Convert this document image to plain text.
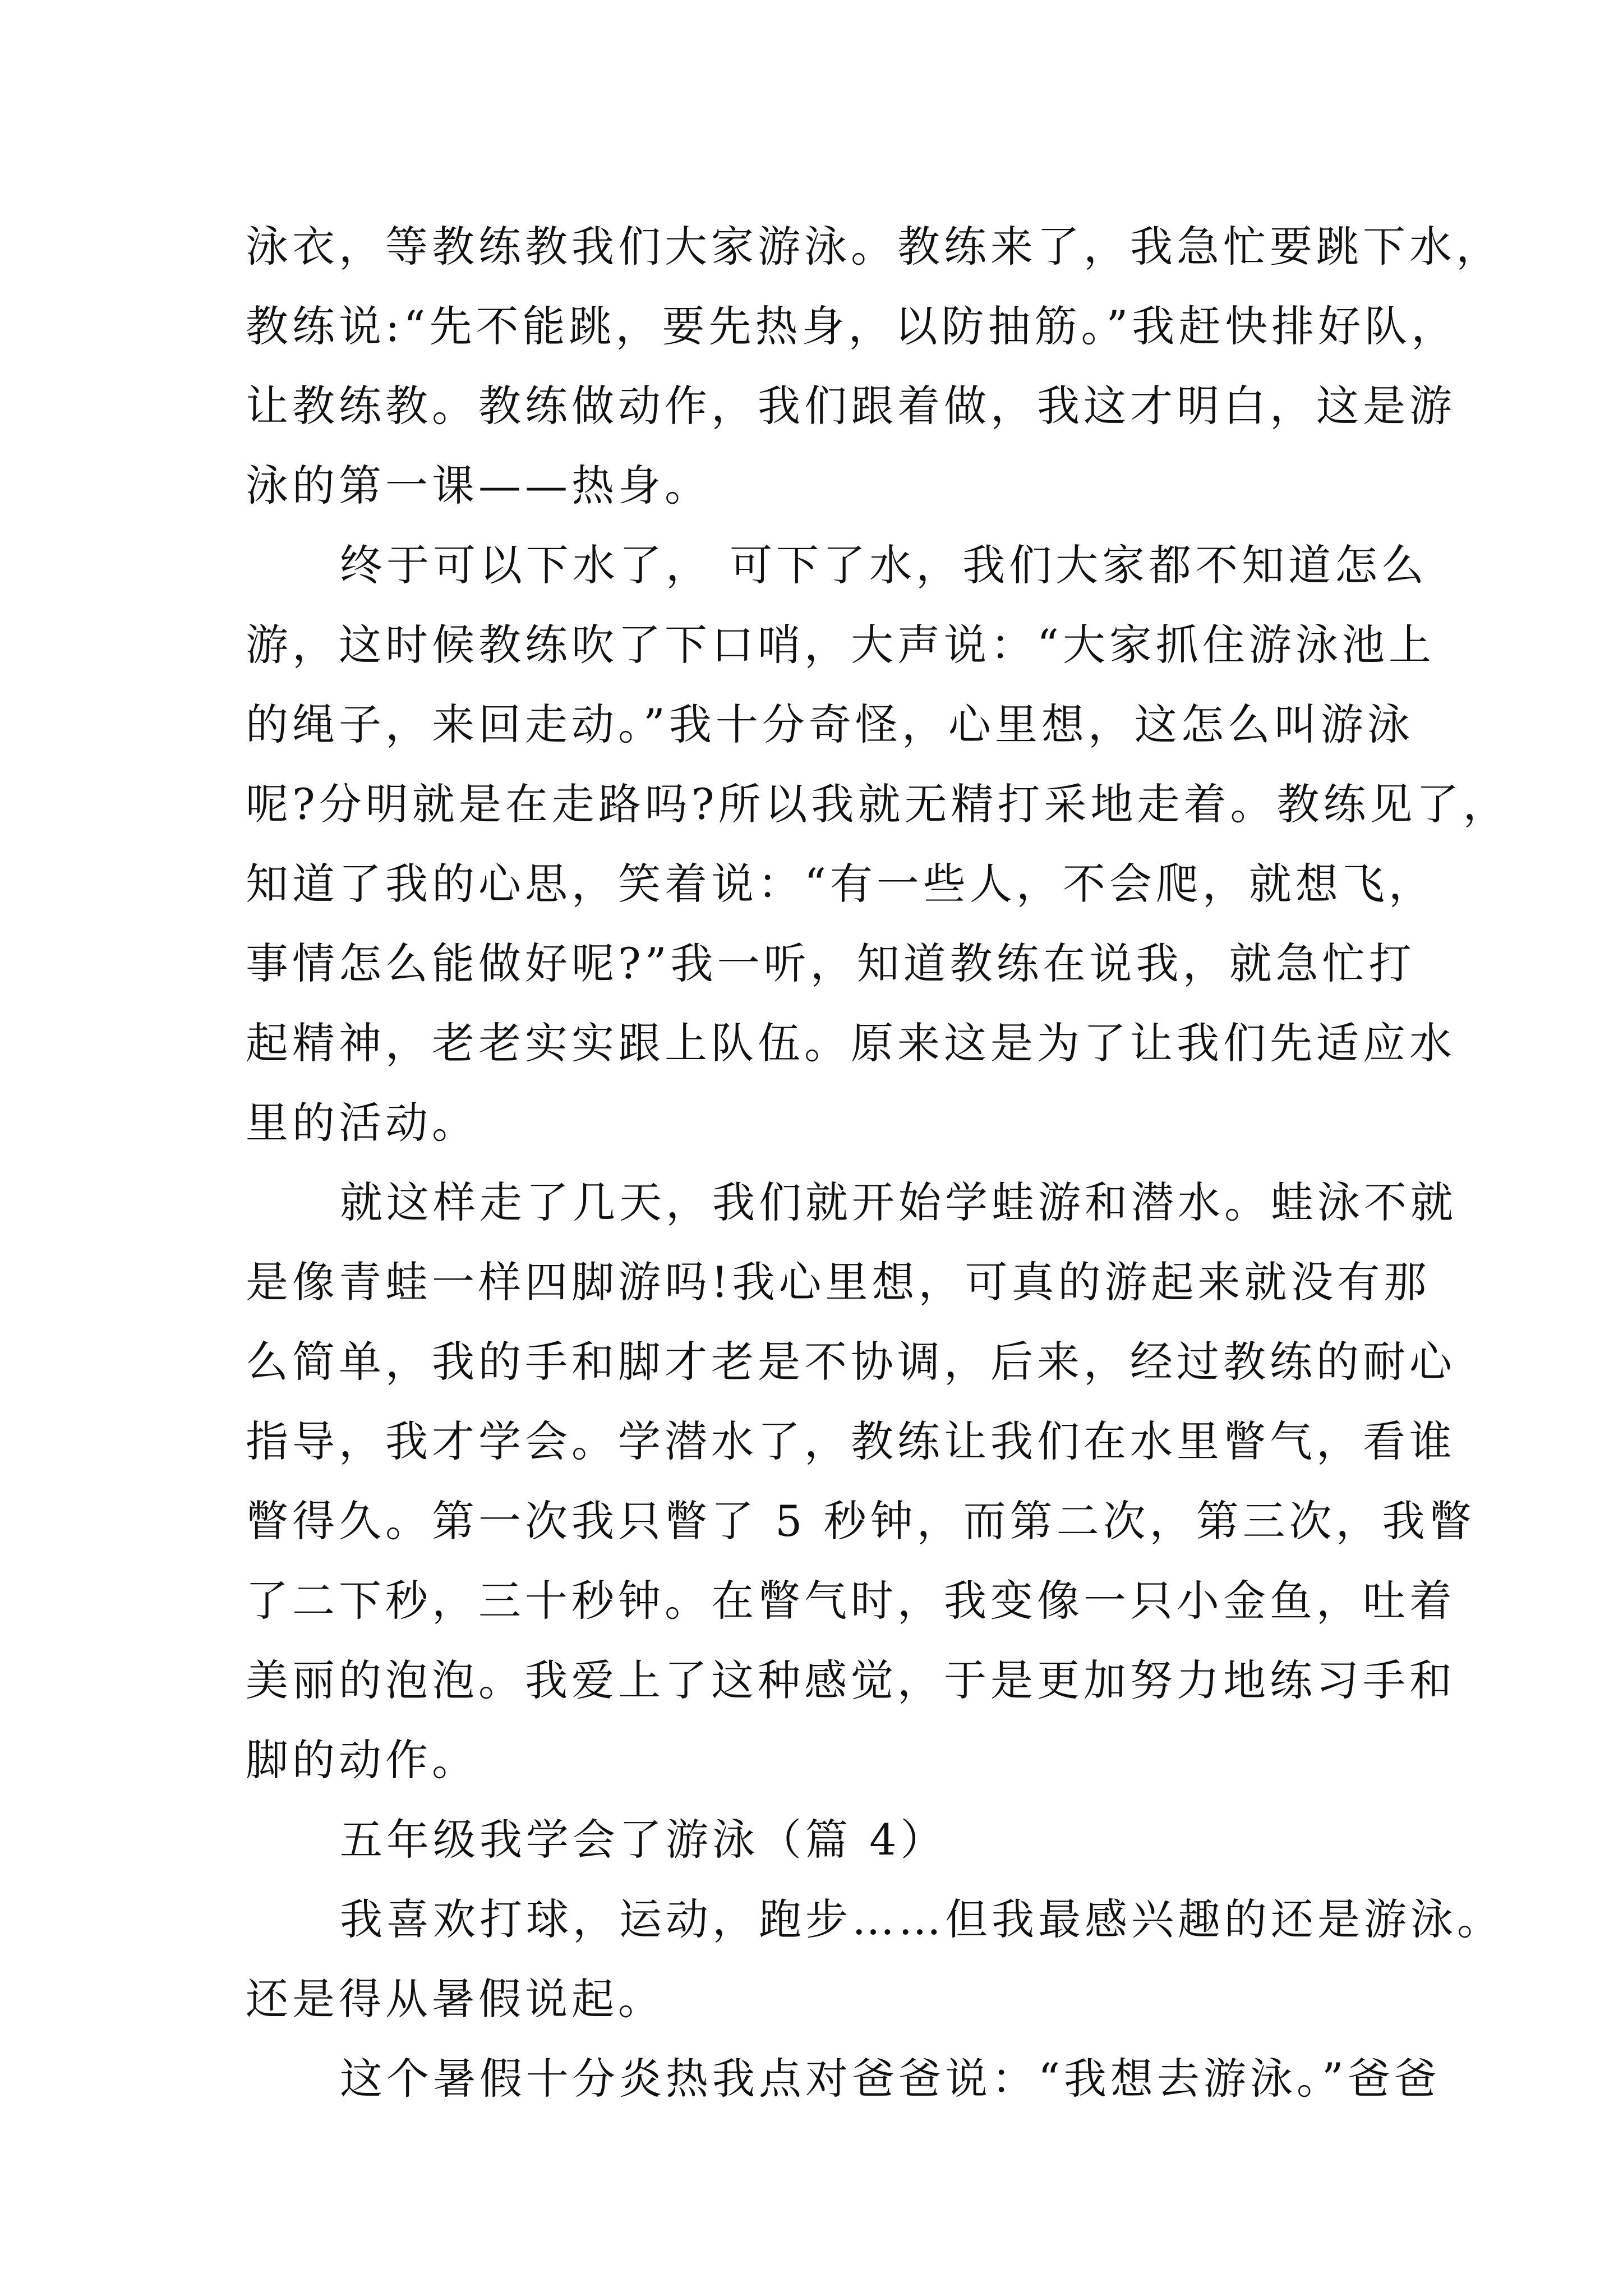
泳衣，等教练教我们大家游泳。教练来了，我急忙要跳下水，
教练说:“先不能跳，要先热身，以防抽筋。”我赶快排好队，
让教练教。教练做动作，我们跟着做，我这才明白，这是游
泳的第一课——热身。
终于可以下水了， 可下了水，我们大家都不知道怎么
游，这时候教练吹了下口哨，大声说：“大家抓住游泳池上
的绳子，来回走动。”我十分奇怪，心里想，这怎么叫游泳
呢?分明就是在走路吗?所以我就无精打采地走着。教练见了，
知道了我的心思，笑着说：“有一些人，不会爬，就想飞，
事情怎么能做好呢?”我一听，知道教练在说我，就急忙打
起精神，老老实实跟上队伍。原来这是为了让我们先适应水
里的活动。
就这样走了几天，我们就开始学蛙游和潜水。蛙泳不就
是像青蛙一样四脚游吗!我心里想，可真的游起来就没有那
么简单，我的手和脚才老是不协调，后来，经过教练的耐心
指导，我才学会。学潜水了，教练让我们在水里瞥气，看谁
瞥得久。第一次我只瞥了 5 秒钟，而第二次，第三次，我瞥
了二下秒，三十秒钟。在瞥气时，我变像一只小金鱼，吐着
美丽的泡泡。我爱上了这种感觉，于是更加努力地练习手和
脚的动作。
五年级我学会了游泳（篇 4）
我喜欢打球，运动，跑步……但我最感兴趣的还是游泳。
还是得从暑假说起。
这个暑假十分炎热我点对爸爸说：“我想去游泳。”爸爸
